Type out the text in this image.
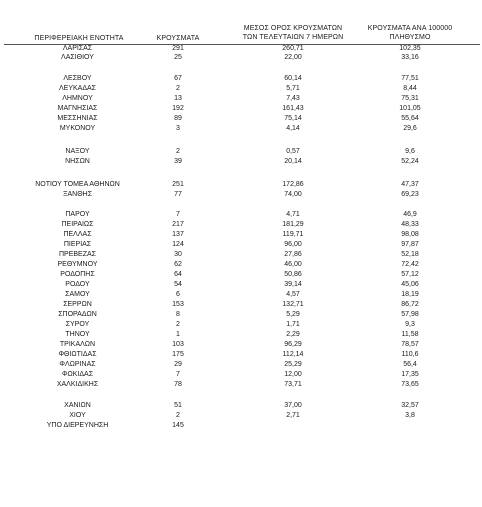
ΠΕΡΙΦΕΡΕΙΑΚΗ ΕΝΟΤΗΤΑ	ΚΡΟΥΣΜΑΤΑ
ΜΕΣΟΣ ΟΡΟΣ ΚΡΟΥΣΜΑΤΩΝ
ΤΩΝ ΤΕΛΕΥΤΑΙΩΝ 7 ΗΜΕΡΩΝ
ΚΡΟΥΣΜΑΤΑ ΑΝΑ 100000
ΠΛΗΘΥΣΜΟ
ΛΑΡΙΣΑΣ	291	260,71	102,35
ΛΑΣΙΘΙΟΥ	25	22,00	33,16
ΛΕΣΒΟΥ	67	60,14	77,51
ΛΕΥΚΑΔΑΣ	2	5,71	8,44
ΛΗΜΝΟΥ	13	7,43	75,31
ΜΑΓΝΗΣΙΑΣ	192	161,43	101,05
ΜΕΣΣΗΝΙΑΣ	89	75,14	55,64
ΜΥΚΟΝΟΥ	3	4,14	29,6
ΝΑΞΟΥ	2	0,57	9,6
ΝΗΣΩΝ	39	20,14	52,24
ΝΟΤΙΟΥ ΤΟΜΕΑ ΑΘΗΝΩΝ	251	172,86	47,37
ΞΑΝΘΗΣ	77	74,00	69,23
ΠΑΡΟΥ	7	4,71	46,9
ΠΕΙΡΑΙΩΣ	217	181,29	48,33
ΠΕΛΛΑΣ	137	119,71	98,08
ΠΙΕΡΙΑΣ	124	96,00	97,87
ΠΡΕΒΕΖΑΣ	30	27,86	52,18
ΡΕΘΥΜΝΟΥ	62	46,00	72,42
ΡΟΔΟΠΗΣ	64	50,86	57,12
ΡΟΔΟΥ	54	39,14	45,06
ΣΑΜΟΥ	6	4,57	18,19
ΣΕΡΡΩΝ	153	132,71	86,72
ΣΠΟΡΑΔΩΝ	8	5,29	57,98
ΣΥΡΟΥ	2	1,71	9,3
ΤΗΝΟΥ	1	2,29	11,58
ΤΡΙΚΑΛΩΝ	103	96,29	78,57
ΦΘΙΩΤΙΔΑΣ	175	112,14	110,6
ΦΛΩΡΙΝΑΣ	29	25,29	56,4
ΦΩΚΙΔΑΣ	7	12,00	17,35
ΧΑΛΚΙΔΙΚΗΣ	78	73,71	73,65
ΧΑΝΙΩΝ	51	37,00	32,57
ΧΙΟΥ	2	2,71	3,8
ΥΠΟ ΔΙΕΡΕΥΝΗΣΗ	145
